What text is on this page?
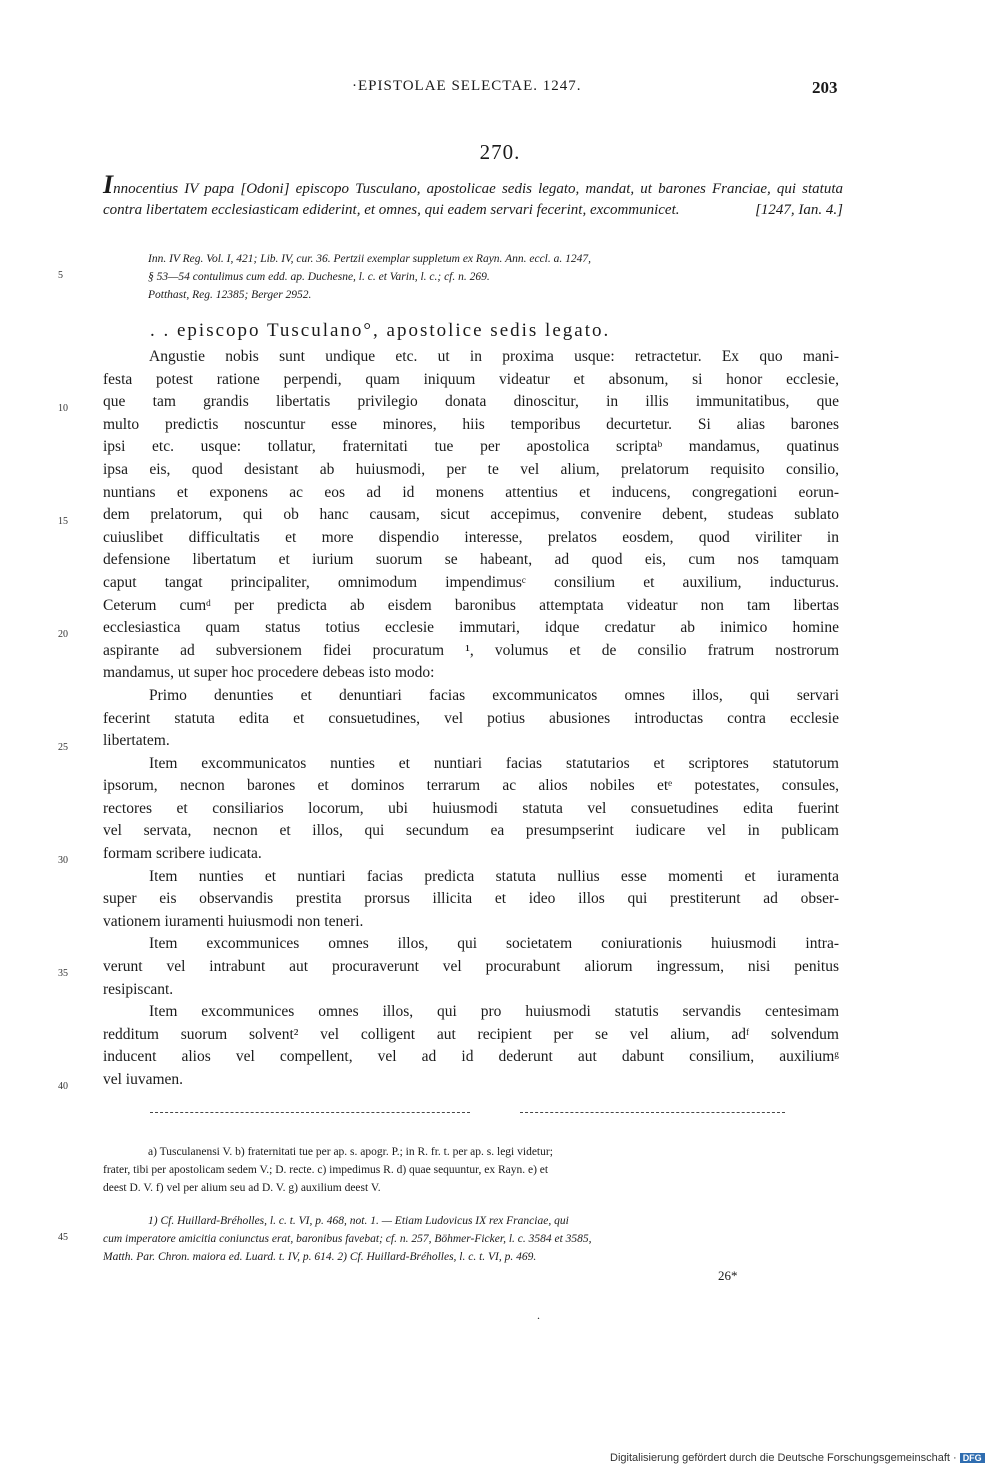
·EPISTOLAE SELECTAE. 1247.	203
270.
Innocentius IV papa [Odoni] episcopo Tusculano, apostolicae sedis legato, mandat, ut barones Franciae, qui statuta contra libertatem ecclesiasticam ediderint, et omnes, qui eadem servari fecerint, excommunicet.	[1247, Ian. 4.]
Inn. IV Reg. Vol. I, 421; Lib. IV, cur. 36. Pertzii exemplar suppletum ex Rayn. Ann. eccl. a. 1247,
§ 53—54 contulimus cum edd. ap. Duchesne, l. c. et Varin, l. c.; cf. n. 269.
Potthast, Reg. 12385; Berger 2952.
5
. . episcopo Tusculano°, apostolice sedis legato.
Angustie nobis sunt undique etc. ut in proxima usque: retractetur. Ex quo mani-
festa potest ratione perpendi, quam iniquum videatur et absonum, si honor ecclesie,
que tam grandis libertatis privilegio donata dinoscitur, in illis immunitatibus, que
multo predictis noscuntur esse minores, hiis temporibus decurtetur. Si alias barones
ipsi etc. usque: tollatur, fraternitati tue per apostolica scriptaᵇ mandamus, quatinus
ipsa eis, quod desistant ab huiusmodi, per te vel alium, prelatorum requisito consilio,
nuntians et exponens ac eos ad id monens attentius et inducens, congregationi eorun-
dem prelatorum, qui ob hanc causam, sicut accepimus, convenire debent, studeas sublato
cuiuslibet difficultatis et more dispendio interesse, prelatos eosdem, quod viriliter in
defensione libertatum et iurium suorum se habeant, ad quod eis, cum nos tamquam
caput tangat principaliter, omnimodum impendimusᶜ consilium et auxilium, inducturus.
Ceterum cumᵈ per predicta ab eisdem baronibus attemptata videatur non tam libertas
ecclesiastica quam status totius ecclesie immutari, idque credatur ab inimico homine
aspirante ad subversionem fidei procuratum ¹, volumus et de consilio fratrum nostrorum
mandamus, ut super hoc procedere debeas isto modo:
Primo denunties et denuntiari facias excommunicatos omnes illos, qui servari
fecerint statuta edita et consuetudines, vel potius abusiones introductas contra ecclesie
libertatem.
Item excommunicatos nunties et nuntiari facias statutarios et scriptores statutorum
ipsorum, necnon barones et dominos terrarum ac alios nobiles etᵉ potestates, consules,
rectores et consiliarios locorum, ubi huiusmodi statuta vel consuetudines edita fuerint
vel servata, necnon et illos, qui secundum ea presumpserint iudicare vel in publicam
formam scribere iudicata.
Item nunties et nuntiari facias predicta statuta nullius esse momenti et iuramenta
super eis observandis prestita prorsus illicita et ideo illos qui prestiterunt ad obser-
vationem iuramenti huiusmodi non teneri.
Item excommunices omnes illos, qui societatem coniurationis huiusmodi intra-
verunt vel intrabunt aut procuraverunt vel procurabunt aliorum ingressum, nisi penitus
resipiscant.
Item excommunices omnes illos, qui pro huiusmodi statutis servandis centesimam
redditum suorum solvent² vel colligent aut recipient per se vel alium, adᶠ solvendum
inducent alios vel compellent, vel ad id dederunt aut dabunt consilium, auxiliumᵍ
vel iuvamen.
10
15
20
25
30
35
40
a) Tusculanensi V. b) fraternitati tue per ap. s. apogr. P.; in R. fr. t. per ap. s. legi videtur;
frater, tibi per apostolicam sedem V.; D. recte. c) impedimus R. d) quae sequuntur, ex Rayn. e) et
deest D. V. f) vel per alium seu ad D. V. g) auxilium deest V.
1) Cf. Huillard-Bréholles, l. c. t. VI, p. 468, not. 1. — Etiam Ludovicus IX rex Franciae, qui
cum imperatore amicitia coniunctus erat, baronibus favebat; cf. n. 257, Böhmer-Ficker, l. c. 3584 et 3585,
Matth. Par. Chron. maiora ed. Luard. t. IV, p. 614. 2) Cf. Huillard-Bréholles, l. c. t. VI, p. 469.
45
26*
.
Digitalisierung gefördert durch die Deutsche Forschungsgemeinschaft · DFG
